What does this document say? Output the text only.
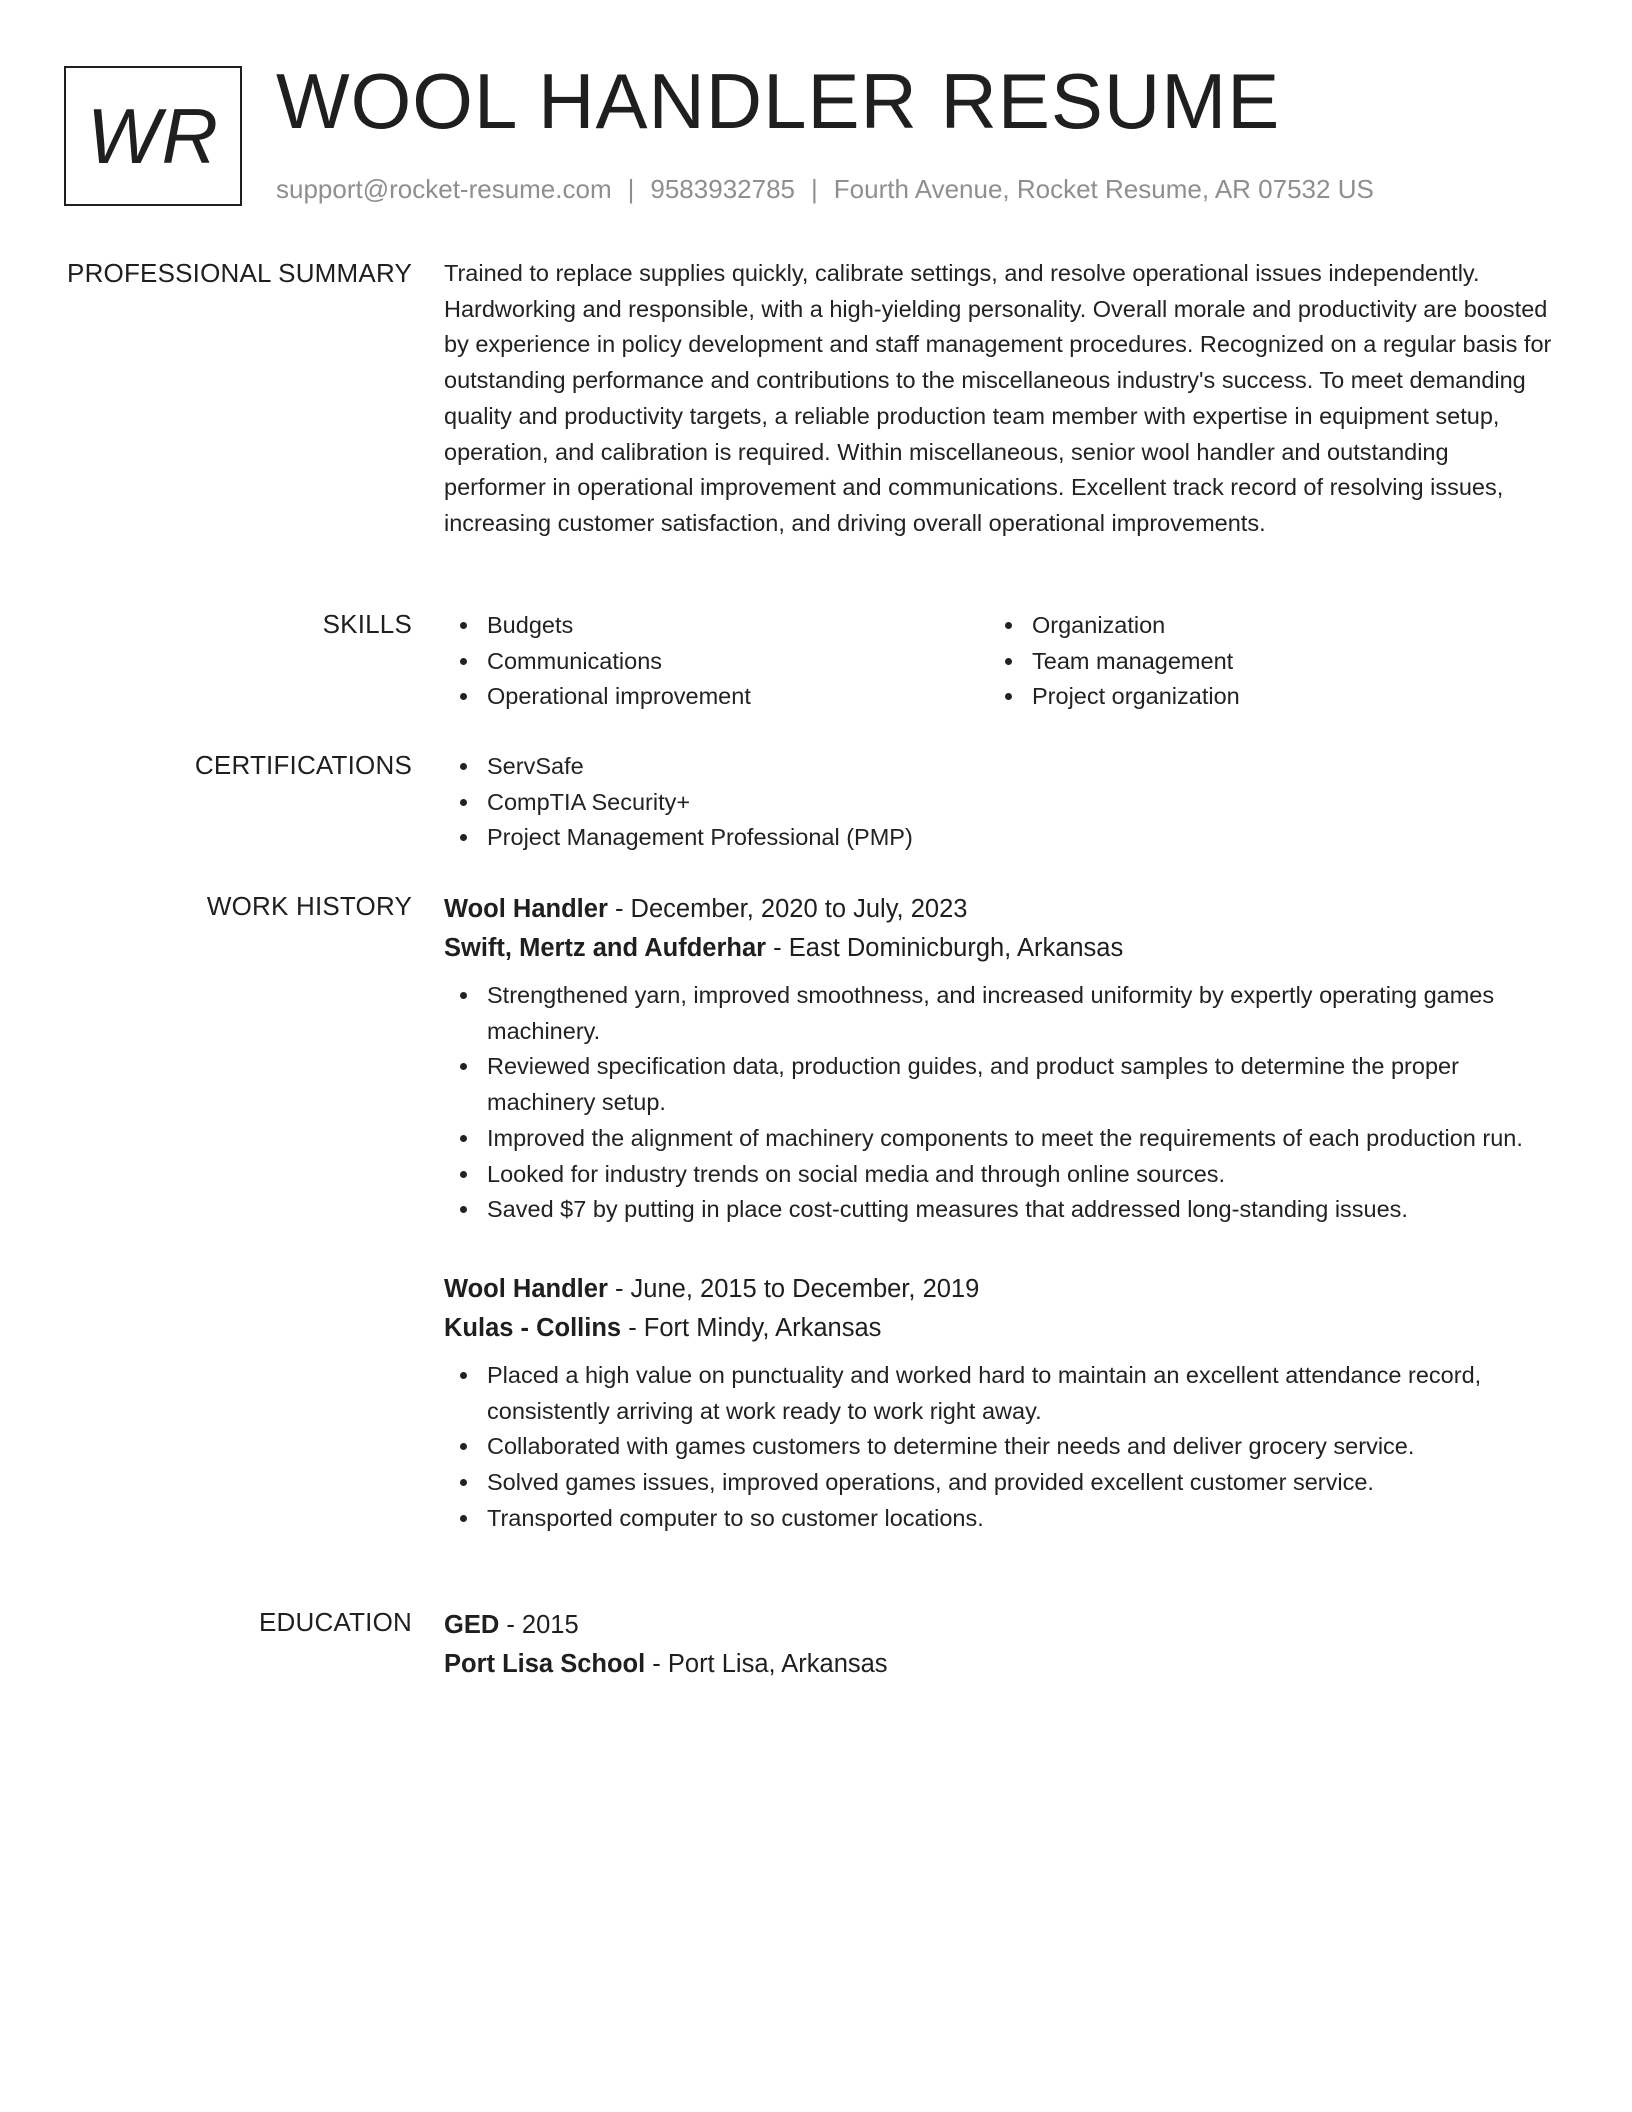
WR WOOL HANDLER RESUME
support@rocket-resume.com | 9583932785 | Fourth Avenue, Rocket Resume, AR 07532 US
PROFESSIONAL SUMMARY Trained to replace supplies quickly, calibrate settings, and resolve operational issues independently. Hardworking and responsible, with a high-yielding personality. Overall morale and productivity are boosted by experience in policy development and staff management procedures. Recognized on a regular basis for outstanding performance and contributions to the miscellaneous industry's success. To meet demanding quality and productivity targets, a reliable production team member with expertise in equipment setup, operation, and calibration is required. Within miscellaneous, senior wool handler and outstanding performer in operational improvement and communications. Excellent track record of resolving issues, increasing customer satisfaction, and driving overall operational improvements.

SKILLS	Budgets
Communications
Operational improvement
Organization
Team management
Project organization
CERTIFICATIONS	ServSafe
CompTIA Security+
Project Management Professional (PMP)
WORK HISTORY Wool Handler - December, 2020 to July, 2023
Swift, Mertz and Aufderhar - East Dominicburgh, Arkansas
Strengthened yarn, improved smoothness, and increased uniformity by expertly operating games machinery.
Reviewed specification data, production guides, and product samples to determine the proper machinery setup.
Improved the alignment of machinery components to meet the requirements of each production run.
Looked for industry trends on social media and through online sources.
Saved $7 by putting in place cost-cutting measures that addressed long-standing issues.
Wool Handler - June, 2015 to December, 2019
Kulas - Collins - Fort Mindy, Arkansas
Placed a high value on punctuality and worked hard to maintain an excellent attendance record, consistently arriving at work ready to work right away.
Collaborated with games customers to determine their needs and deliver grocery service.
Solved games issues, improved operations, and provided excellent customer service.
Transported computer to so customer locations.
EDUCATION GED - 2015
Port Lisa School - Port Lisa, Arkansas
